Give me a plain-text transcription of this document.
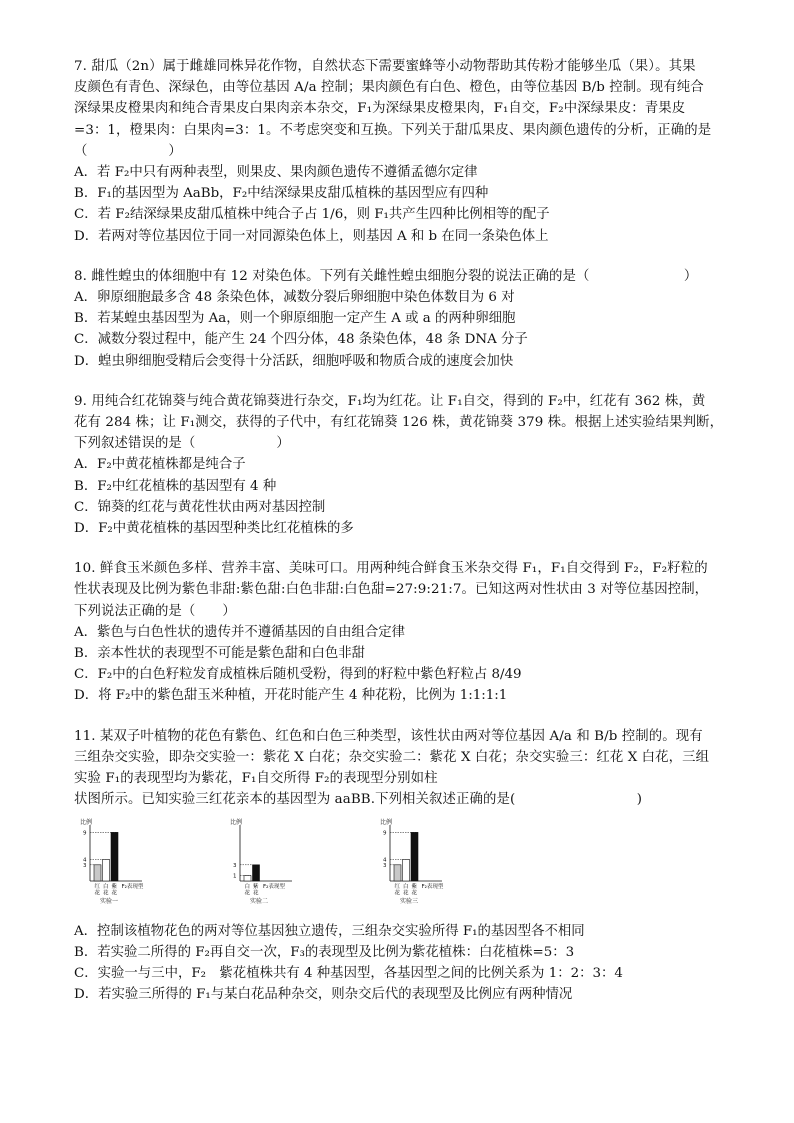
7. 甜瓜（2n）属于雌雄同株异花作物，自然状态下需要蜜蜂等小动物帮助其传粉才能够坐瓜（果）。其果
皮颜色有青色、深绿色，由等位基因 A/a 控制；果肉颜色有白色、橙色，由等位基因 B/b 控制。现有纯合
深绿果皮橙果肉和纯合青果皮白果肉亲本杂交，F₁为深绿果皮橙果肉，F₁自交，F₂中深绿果皮：青果皮
=3：1，橙果肉：白果肉=3：1。不考虑突变和互换。下列关于甜瓜果皮、果肉颜色遗传的分析，正确的是
（　　　　　　）
A．若 F₂中只有两种表型，则果皮、果肉颜色遗传不遵循孟德尔定律
B．F₁的基因型为 AaBb，F₂中结深绿果皮甜瓜植株的基因型应有四种
C．若 F₂结深绿果皮甜瓜植株中纯合子占 1/6，则 F₁共产生四种比例相等的配子
D．若两对等位基因位于同一对同源染色体上，则基因 A 和 b 在同一条染色体上
8. 雌性蝗虫的体细胞中有 12 对染色体。下列有关雌性蝗虫细胞分裂的说法正确的是（　　　　　　　）
A．卵原细胞最多含 48 条染色体，减数分裂后卵细胞中染色体数目为 6 对
B．若某蝗虫基因型为 Aa，则一个卵原细胞一定产生 A 或 a 的两种卵细胞
C．减数分裂过程中，能产生 24 个四分体，48 条染色体，48 条 DNA 分子
D．蝗虫卵细胞受精后会变得十分活跃，细胞呼吸和物质合成的速度会加快
9. 用纯合红花锦葵与纯合黄花锦葵进行杂交，F₁均为红花。让 F₁自交，得到的 F₂中，红花有 362 株，黄
花有 284 株；让 F₁测交，获得的子代中，有红花锦葵 126 株，黄花锦葵 379 株。根据上述实验结果判断，
下列叙述错误的是（　　　　　　）
A．F₂中黄花植株都是纯合子
B．F₂中红花植株的基因型有 4 种
C．锦葵的红花与黄花性状由两对基因控制
D．F₂中黄花植株的基因型种类比红花植株的多
10. 鲜食玉米颜色多样、营养丰富、美味可口。用两种纯合鲜食玉米杂交得 F₁，F₁自交得到 F₂，F₂籽粒的
性状表现及比例为紫色非甜:紫色甜:白色非甜:白色甜=27:9:21:7。已知这两对性状由 3 对等位基因控制，
下列说法正确的是（　　）
A．紫色与白色性状的遗传并不遵循基因的自由组合定律
B．亲本性状的表现型不可能是紫色甜和白色非甜
C．F₂中的白色籽粒发育成植株后随机受粉，得到的籽粒中紫色籽粒占 8/49
D．将 F₂中的紫色甜玉米种植，开花时能产生 4 种花粉，比例为 1:1:1:1
11. 某双子叶植物的花色有紫色、红色和白色三种类型，该性状由两对等位基因 A/a 和 B/b 控制的。现有
三组杂交实验，即杂交实验一：紫花 X 白花；杂交实验二：紫花 X 白花；杂交实验三：红花 X 白花，三组
实验 F₁的表现型均为紫花，F₁自交所得 F₂的表现型分别如柱
状图所示。已知实验三红花亲本的基因型为 aaBB.下列相关叙述正确的是(　　　　　　　　　)
比例
3
4
9
红
花
白
花
紫
花
F₂表现型
实验一
比例
1
3
白
花
紫
花
F₂表现型
实验二
比例
3
4
9
红
花
白
花
紫
花
F₂表现型
实验三
A．控制该植物花色的两对等位基因独立遗传，三组杂交实验所得 F₁的基因型各不相同
B．若实验二所得的 F₂再自交一次，F₃的表现型及比例为紫花植株：白花植株=5：3
C．实验一与三中，F₂　紫花植株共有 4 种基因型，各基因型之间的比例关系为 1：2：3：4
D．若实验三所得的 F₁与某白花品种杂交，则杂交后代的表现型及比例应有两种情况
